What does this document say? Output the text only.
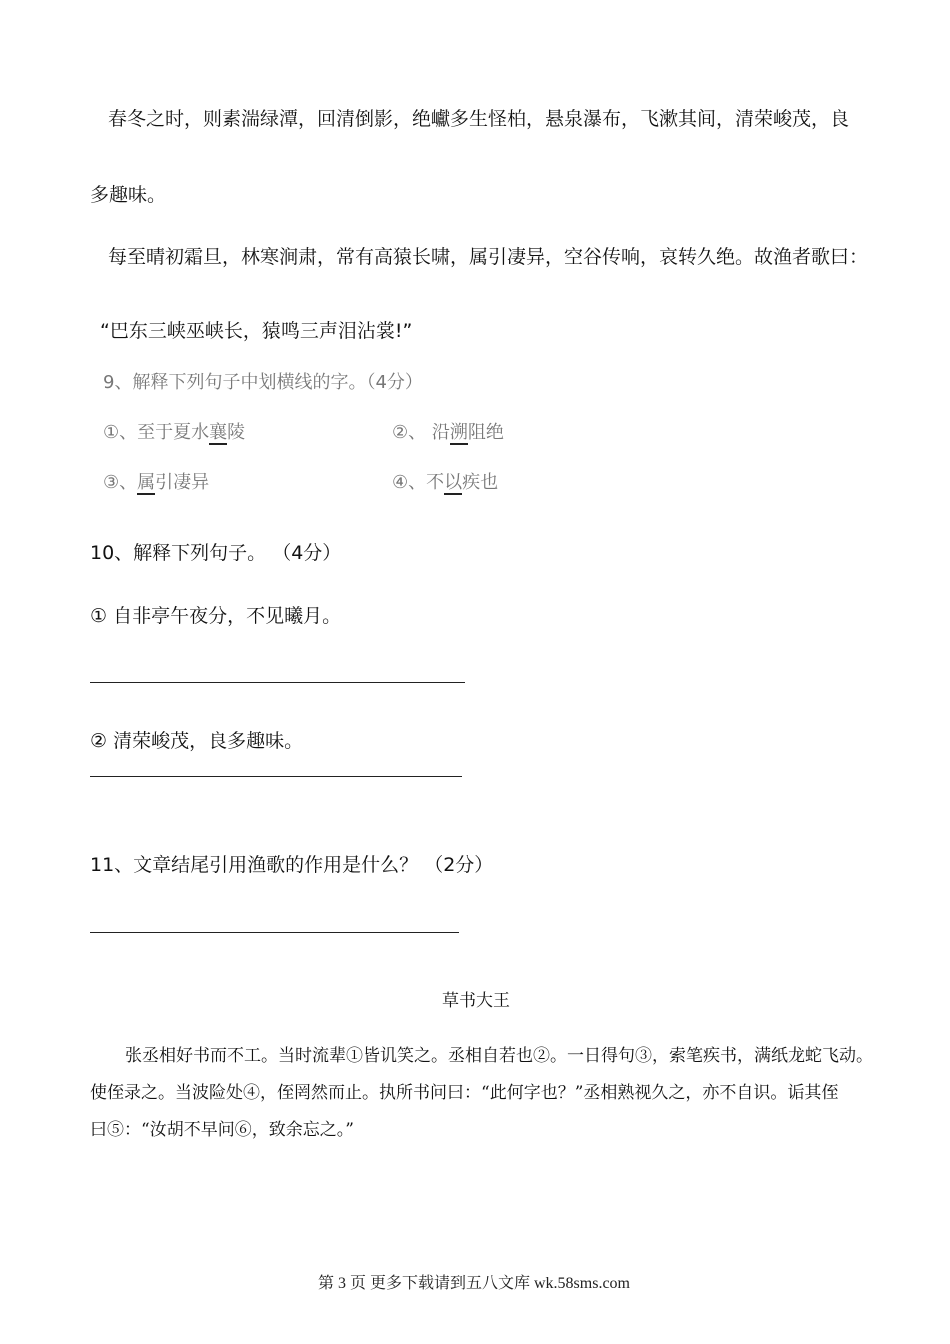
春冬之时，则素湍绿潭，回清倒影，绝巘多生怪柏，悬泉瀑布，飞漱其间，清荣峻茂，良
多趣味。
每至晴初霜旦，林寒涧肃，常有高猿长啸，属引凄异，空谷传响，哀转久绝。故渔者歌曰：
“巴东三峡巫峡长，猿鸣三声泪沾裳!”
9、解释下列句子中划横线的字。（4分）
①、至于夏水襄陵	②、 沿溯阻绝
③、属引凄异	④、不以疾也
10、解释下列句子。 （4分）
① 自非亭午夜分，不见曦月。
② 清荣峻茂，良多趣味。
11、文章结尾引用渔歌的作用是什么？ （2分）
草书大王
张丞相好书而不工。当时流辈①皆讥笑之。丞相自若也②。一日得句③，索笔疾书，满纸龙蛇飞动。
使侄录之。当波险处④，侄罔然而止。执所书问曰：“此何字也？”丞相熟视久之，亦不自识。诟其侄
曰⑤：“汝胡不早问⑥，致余忘之。”
第 3 页 更多下载请到五八文库 wk.58sms.com
